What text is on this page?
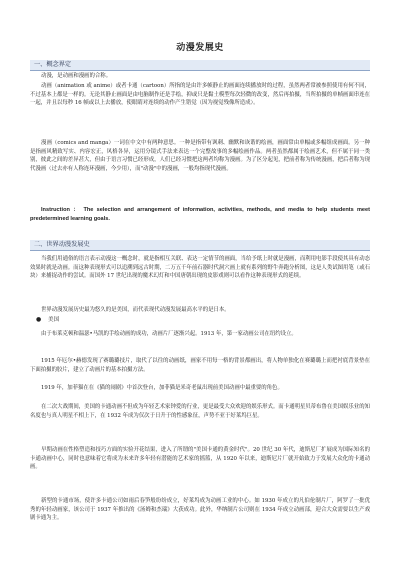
动漫发展史
一、概念界定
动漫，是动画和漫画的合称。
动画（animation 或 anime）或者卡通（cartoon）所指的是由许多帧静止的画面连续播放时的过程，虽然两者常被参照使用有何不同，不过基本上都是一样的。无论其静止画面是由电脑制作还是手绘，抑或只是黏土模型每次轻微的改变，然后再拍摄，当所拍摄的单帧画面串连在一起，并且以每秒 16 帧或以上去播放，使眼睛对连续的动作产生错觉（因为视觉残像所造成）。
漫画（comics and manga）一词在中文中有两种意思。一种是指带有讽刺、幽默和诙谐的绘画，画面常由单幅或多幅组成画面。另一种是指画风精致写实、内容宏正，风格各异，运用分镜式手法来表达一个完整故事的多幅绘画作品。两者虽然都属于绘画艺术，但不属于同一类别，彼此之间的差异甚大，但由于语言习惯已经形成，人们已经习惯把这两者均称为漫画。为了区分起见，把前者称为传统漫画，把后者称为现代漫画（过去亦有人称连环漫画，今少用），而"动漫"中的漫画，一般均指现代漫画。
Instruction ： The selection and arrangement of information, activities, methods, and media to help students meet predetermined learning goals.
二、世界动漫发展史
当我们用通俗的语言表示动漫这一概念时，就是指相互关联、表达一定情节的画面，当给予纸上时就是漫画，而利用电影手段使其具有动态效果时就是动画。而这种表现形式可以追溯到远古时期，二万五千年前石器时代洞穴画上就有系列的野牛奔跑分析图，这是人类试图用笔（或石块）来捕捉动作的尝试。而国外 17 世纪出现的魔术幻灯和中国唐朝出现的皮影戏则可以看作这种表现形式的延续。
世界动漫发展历史最为悠久的是美国，而代表现代动漫发展最高水平的是日本。
● 美国
由于布莱克顿和温瑟•马凯的手绘动画的成功，动画片厂逐渐兴起。1913 年，第一家动画公司在纽约设立。
1915 年厄尔•赫德发现了赛璐璐技片，取代了以往的动画纸，画家不用每一格的背景都画出，将人物单独化在赛璐璐上而把衬底背景垫在下面拍摄的胶片，建立了动画片的基本拍摄方法。
1919 年，加菲猫在在《猫的闹剧》中首次登台，加菲猫是米奇老鼠出现前美国动画中最重要的角色。
在二次大战期间，美国的卡通动画不但成为年轻艺术家钟爱的行业，更是最受大众欢迎的娱乐形式。而卡通明星贝蒂布鲁在美国娱乐业的知名度也与真人明星不相上下，在 1932 年成为仅次于日升于的性感象征，声势不亚于好莱坞巨星。
早期动画在性格塑造和技巧方面的实验开花结果，进入了所谓的"美国卡通的黄金时代"。20 世纪 30 年代，迪斯尼厂扩展成为国际知名的卡通动画中心，同时也意味着它将成为未来许多年轻有潜能的艺术家的摇篮，从 1920 年以来，迪斯尼片厂就开始致力于发展大众化的卡通动画。
新型的卡通市场，使许多卡通公司如雨后春笋般纷纷成立，好莱坞成为动画工业的中心。如 1930 年成立的凡伯伦制片厂，阿罗了一批优秀的年轻动画家，该公司于 1937 年推出的《汤姆和杰瑞》大获成功。此外，华纳制片公司则在 1934 年成立动画部，迎合大众需要以生产戏剧卡通为主。
